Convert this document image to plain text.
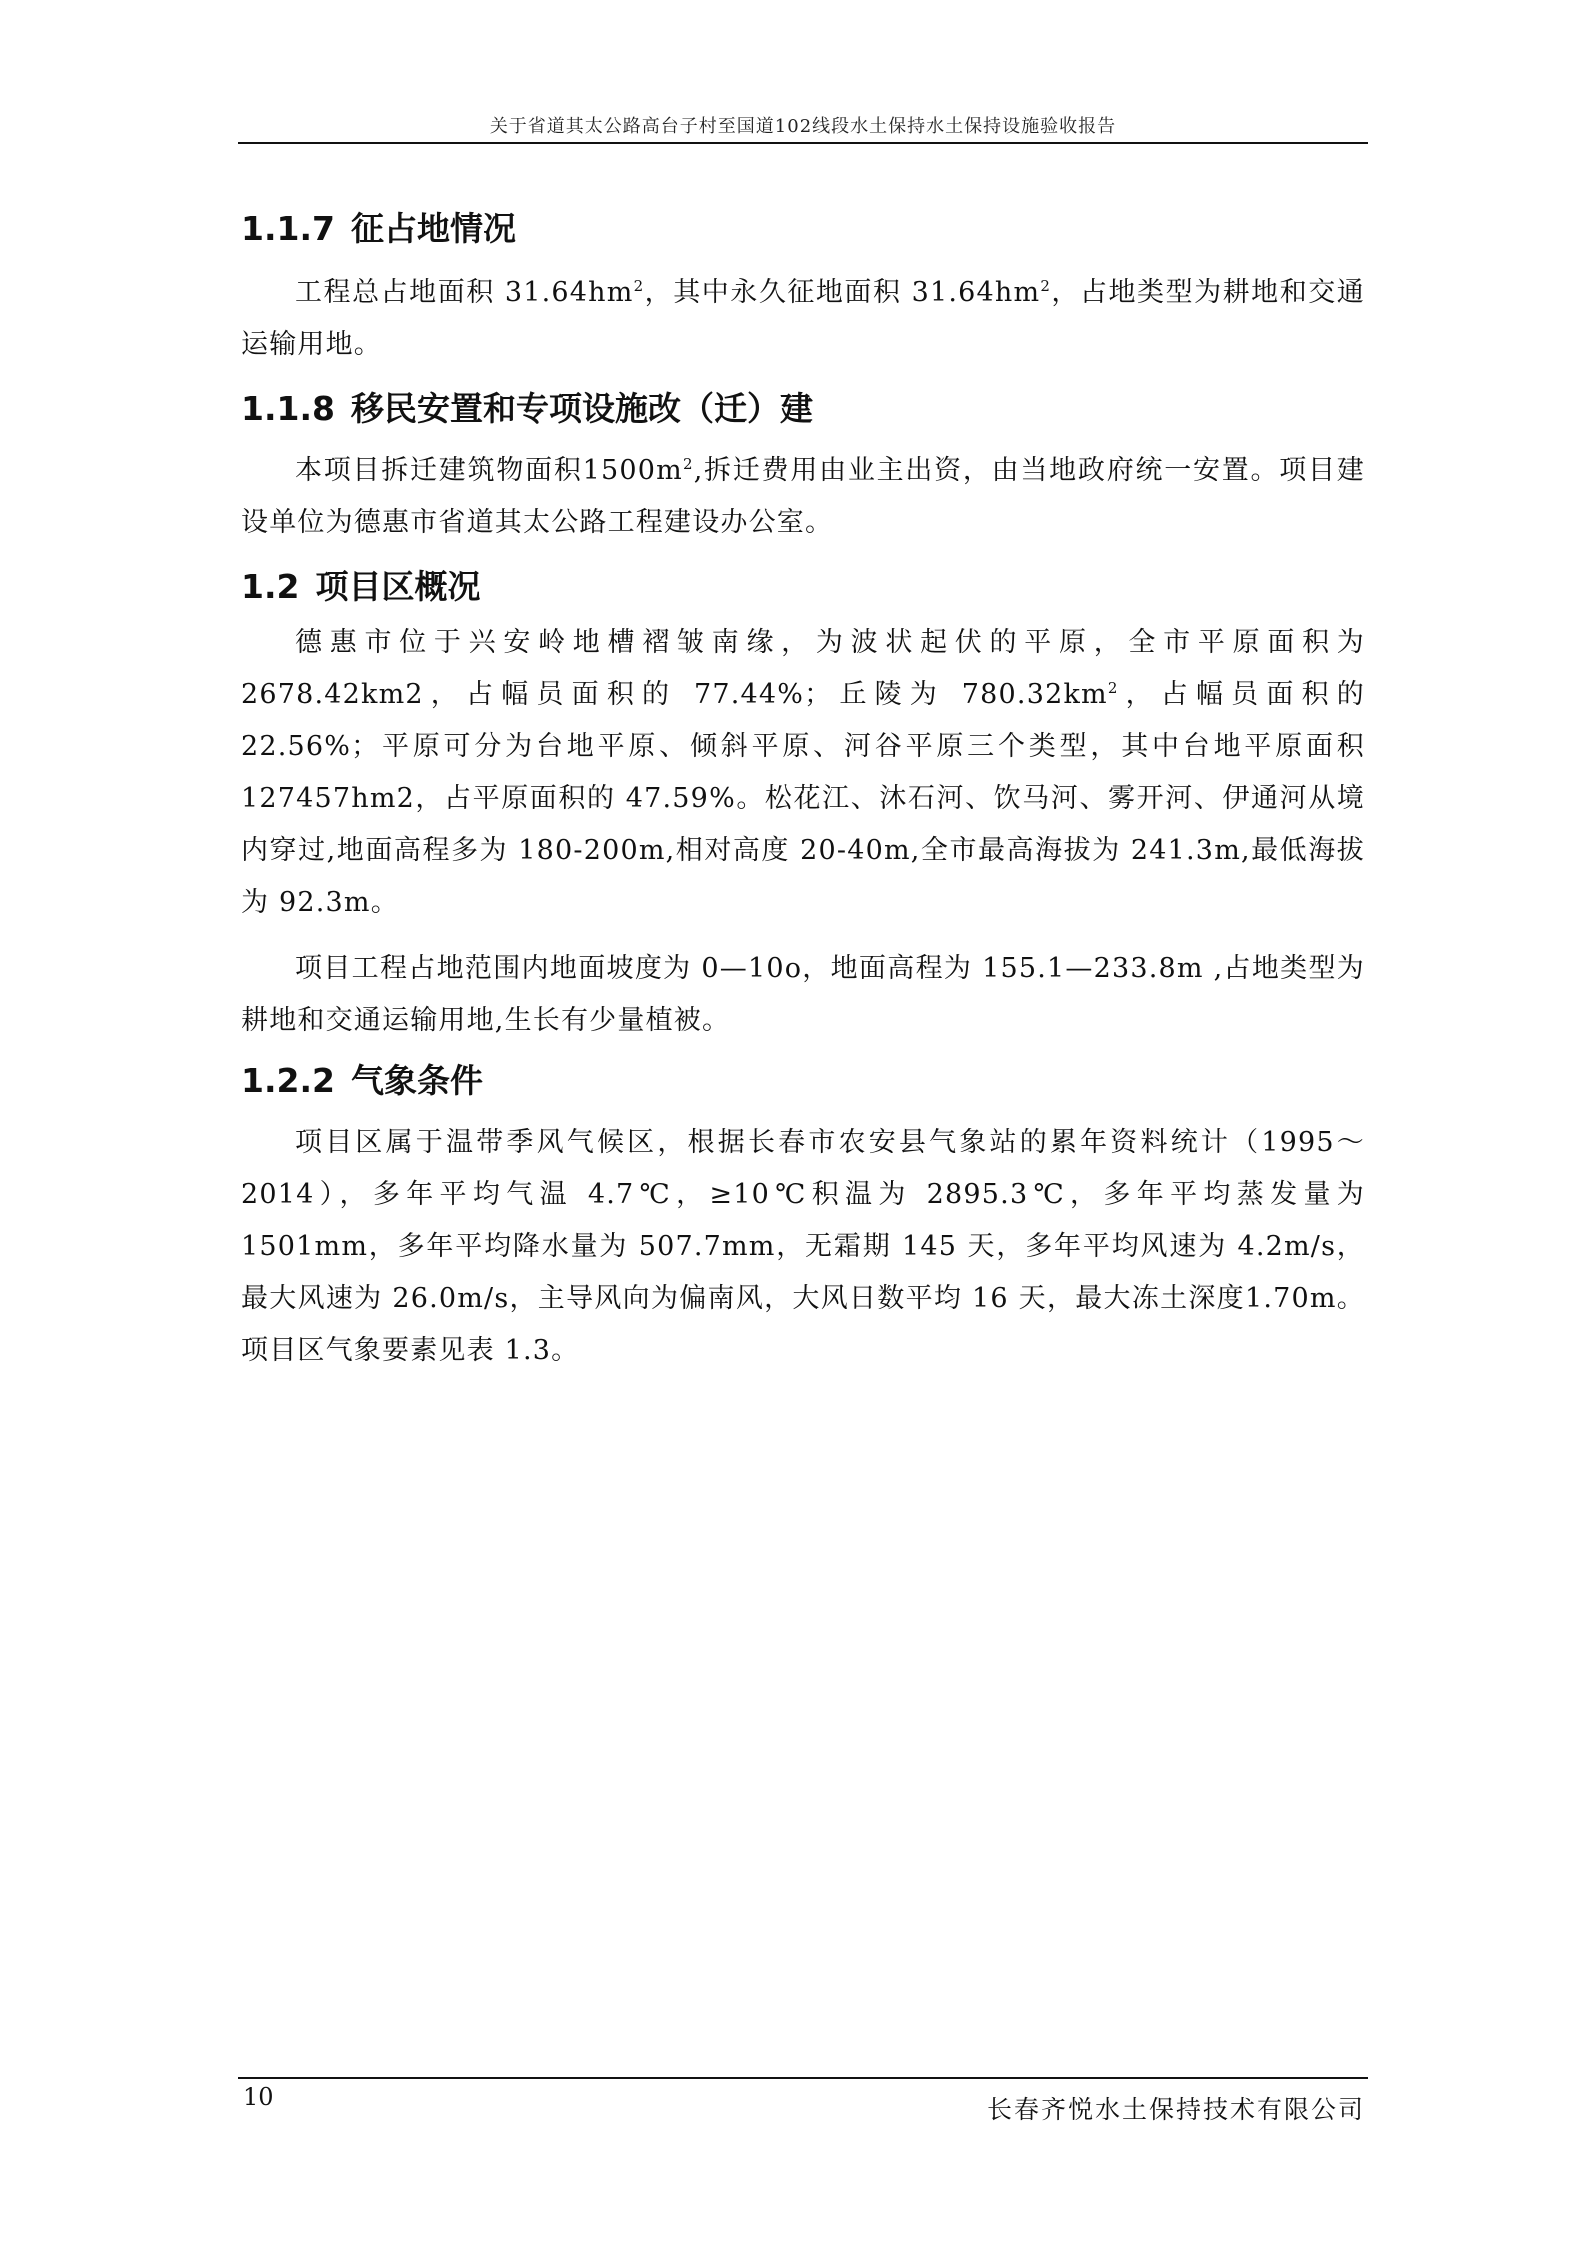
关于省道其太公路高台子村至国道102线段水土保持水土保持设施验收报告
1.1.7 征占地情况

工程总占地面积 $31.64hm^2$，其中永久征地面积 $31.64hm^2$，占地类型为耕地和交通运输用地。

1.1.8 移民安置和专项设施改（迁）建

本项目拆迁建筑物面积$1500m^2$,拆迁费用由业主出资，由当地政府统一安置。项目建设单位为德惠市省道其太公路工程建设办公室。

1.2 项目区概况

德惠市位于兴安岭地槽褶皱南缘，为波状起伏的平原，全市平原面积为2678.42km2，占幅员面积的 77.44%；丘陵为 $780.32km^2$，占幅员面积的 22.56%；平原可分为台地平原、倾斜平原、河谷平原三个类型，其中台地平原面积127457hm2，占平原面积的 47.59%。松花江、沐石河、饮马河、雾开河、伊通河从境内穿过,地面高程多为 180-200m,相对高度 20-40m,全市最高海拔为 241.3m,最低海拔为 92.3m。

项目工程占地范围内地面坡度为 0—10o，地面高程为 155.1—233.8m ,占地类型为耕地和交通运输用地,生长有少量植被。

1.2.2 气象条件

项目区属于温带季风气候区，根据长春市农安县气象站的累年资料统计（1995～2014），多年平均气温 4.7℃，≥10℃积温为 2895.3℃，多年平均蒸发量为 1501mm，多年平均降水量为 507.7mm，无霜期 145 天，多年平均风速为 4.2m/s，最大风速为 26.0m/s，主导风向为偏南风，大风日数平均 16 天，最大冻土深度1.70m。项目区气象要素见表 1.3。

10	长春齐悦水土保持技术有限公司
